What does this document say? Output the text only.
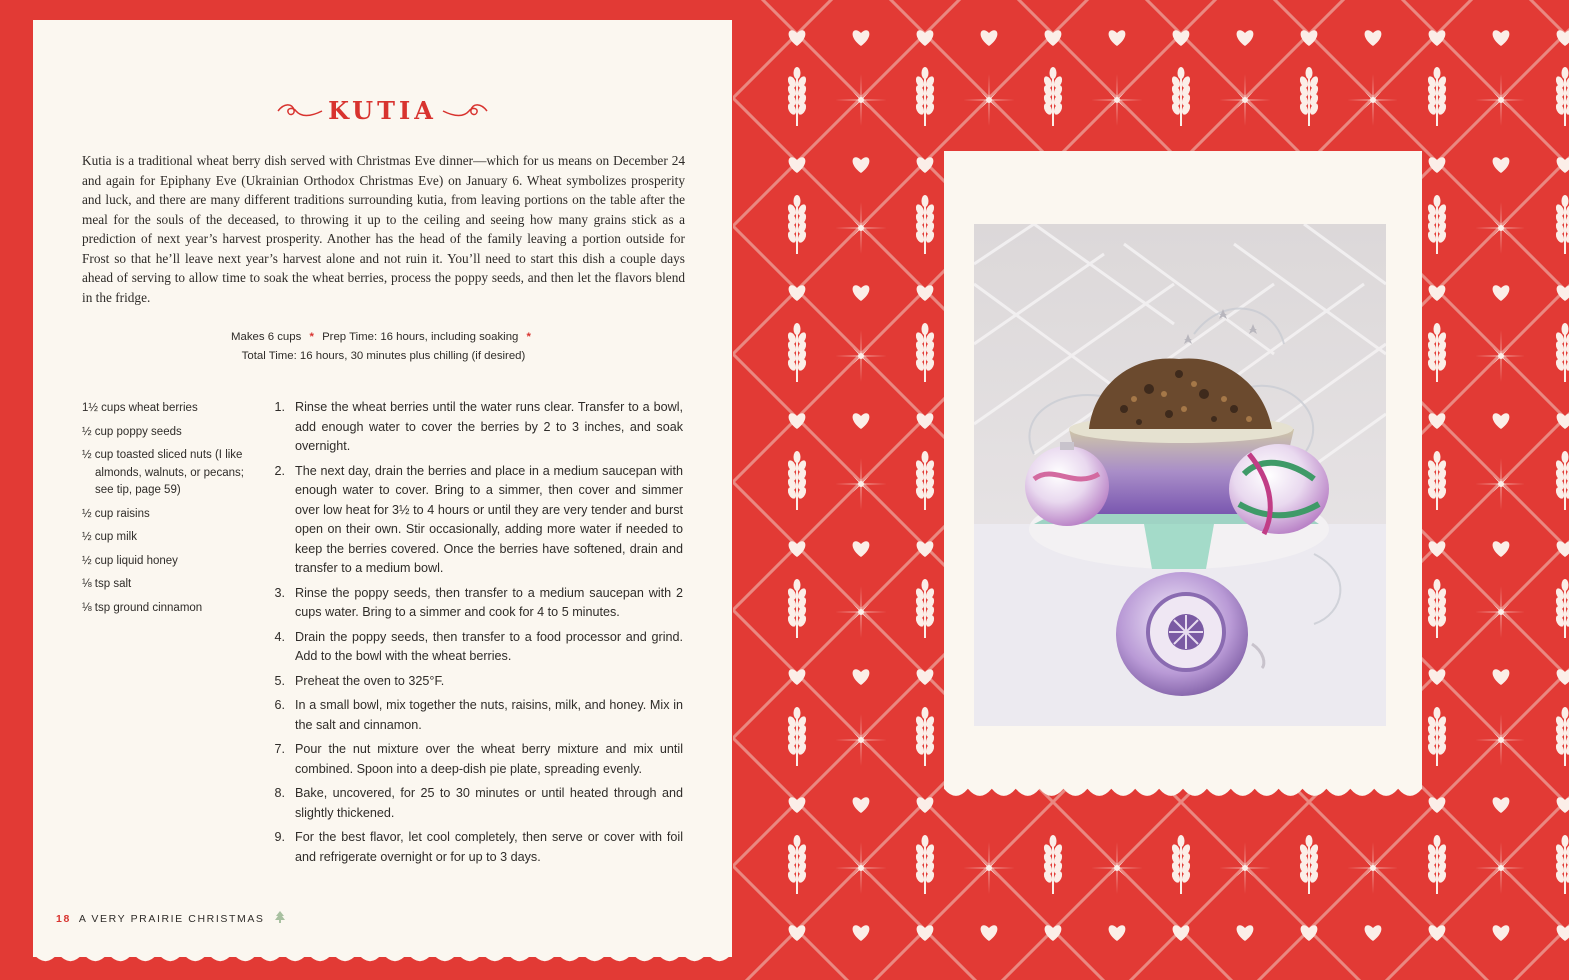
KUTIA
Kutia is a traditional wheat berry dish served with Christmas Eve dinner—which for us means on December 24 and again for Epiphany Eve (Ukrainian Orthodox Christmas Eve) on January 6. Wheat symbolizes prosperity and luck, and there are many different traditions surrounding kutia, from leaving portions on the table after the meal for the souls of the deceased, to throwing it up to the ceiling and seeing how many grains stick as a prediction of next year’s harvest prosperity. Another has the head of the family leaving a portion outside for Frost so that he’ll leave next year’s harvest alone and not ruin it. You’ll need to start this dish a couple days ahead of serving to allow time to soak the wheat berries, process the poppy seeds, and then let the flavors blend in the fridge.
Makes 6 cups * Prep Time: 16 hours, including soaking *
Total Time: 16 hours, 30 minutes plus chilling (if desired)
1½ cups wheat berries
½ cup poppy seeds
½ cup toasted sliced nuts (I like almonds, walnuts, or pecans; see tip, page 59)
½ cup raisins
½ cup milk
½ cup liquid honey
⅛ tsp salt
⅛ tsp ground cinnamon
1. Rinse the wheat berries until the water runs clear. Transfer to a bowl, add enough water to cover the berries by 2 to 3 inches, and soak overnight.
2. The next day, drain the berries and place in a medium saucepan with enough water to cover. Bring to a simmer, then cover and simmer over low heat for 3½ to 4 hours or until they are very tender and burst open on their own. Stir occasionally, adding more water if needed to keep the berries covered. Once the berries have softened, drain and transfer to a medium bowl.
3. Rinse the poppy seeds, then transfer to a medium saucepan with 2 cups water. Bring to a simmer and cook for 4 to 5 minutes.
4. Drain the poppy seeds, then transfer to a food processor and grind. Add to the bowl with the wheat berries.
5. Preheat the oven to 325°F.
6. In a small bowl, mix together the nuts, raisins, milk, and honey. Mix in the salt and cinnamon.
7. Pour the nut mixture over the wheat berry mixture and mix until combined. Spoon into a deep-dish pie plate, spreading evenly.
8. Bake, uncovered, for 25 to 30 minutes or until heated through and slightly thickened.
9. For the best flavor, let cool completely, then serve or cover with foil and refrigerate overnight or for up to 3 days.
18 A VERY PRAIRIE CHRISTMAS
